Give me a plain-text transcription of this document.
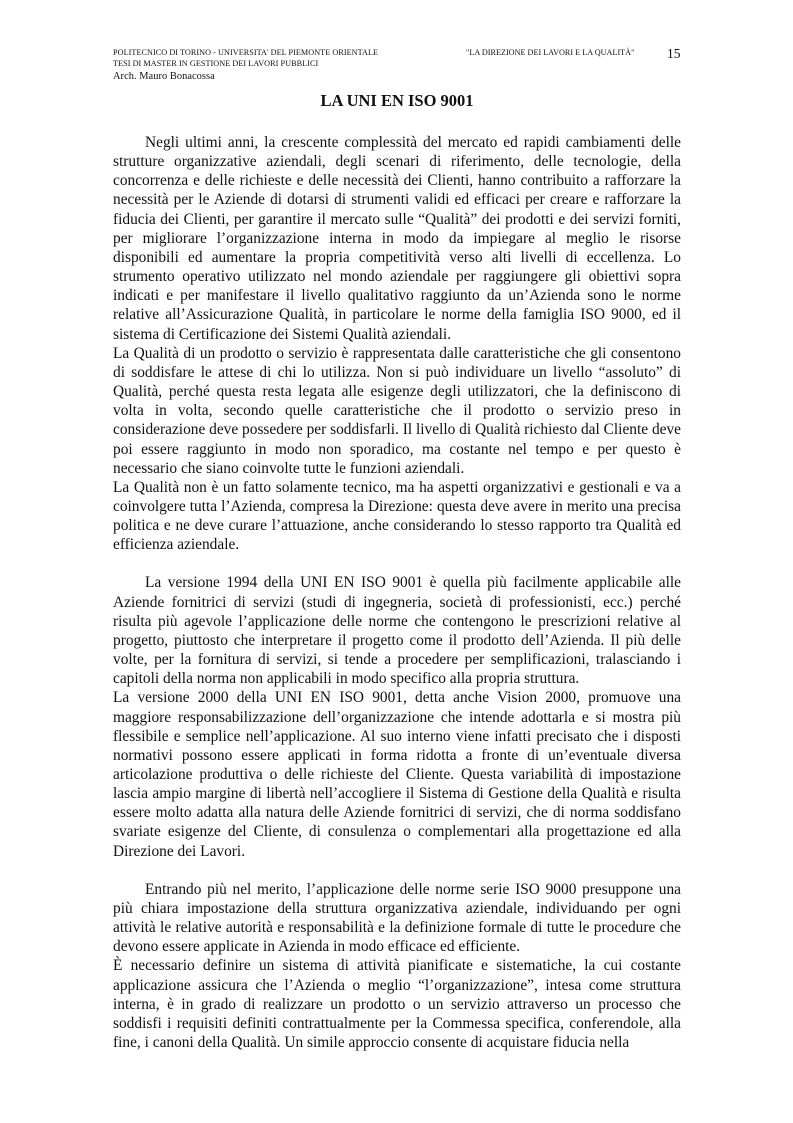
POLITECNICO DI TORINO - UNIVERSITA' DEL PIEMONTE ORIENTALE
TESI DI MASTER IN GESTIONE DEI LAVORI PUBBLICI
Arch. Mauro Bonacossa
"LA DIREZIONE DEI LAVORI E LA QUALITÀ" 15
LA UNI EN ISO 9001

Negli ultimi anni, la crescente complessità del mercato ed rapidi cambiamenti delle strutture organizzative aziendali, degli scenari di riferimento, delle tecnologie, della concorrenza e delle richieste e delle necessità dei Clienti, hanno contribuito a rafforzare la necessità per le Aziende di dotarsi di strumenti validi ed efficaci per creare e rafforzare la fiducia dei Clienti, per garantire il mercato sulle “Qualità” dei prodotti e dei servizi forniti, per migliorare l’organizzazione interna in modo da impiegare al meglio le risorse disponibili ed aumentare la propria competitività verso alti livelli di eccellenza. Lo strumento operativo utilizzato nel mondo aziendale per raggiungere gli obiettivi sopra indicati e per manifestare il livello qualitativo raggiunto da un’Azienda sono le norme relative all’Assicurazione Qualità, in particolare le norme della famiglia ISO 9000, ed il sistema di Certificazione dei Sistemi Qualità aziendali.

La Qualità di un prodotto o servizio è rappresentata dalle caratteristiche che gli consentono di soddisfare le attese di chi lo utilizza. Non si può individuare un livello “assoluto” di Qualità, perché questa resta legata alle esigenze degli utilizzatori, che la definiscono di volta in volta, secondo quelle caratteristiche che il prodotto o servizio preso in considerazione deve possedere per soddisfarli. Il livello di Qualità richiesto dal Cliente deve poi essere raggiunto in modo non sporadico, ma costante nel tempo e per questo è necessario che siano coinvolte tutte le funzioni aziendali.

La Qualità non è un fatto solamente tecnico, ma ha aspetti organizzativi e gestionali e va a coinvolgere tutta l’Azienda, compresa la Direzione: questa deve avere in merito una precisa politica e ne deve curare l’attuazione, anche considerando lo stesso rapporto tra Qualità ed efficienza aziendale.

La versione 1994 della UNI EN ISO 9001 è quella più facilmente applicabile alle Aziende fornitrici di servizi (studi di ingegneria, società di professionisti, ecc.) perché risulta più agevole l’applicazione delle norme che contengono le prescrizioni relative al progetto, piuttosto che interpretare il progetto come il prodotto dell’Azienda. Il più delle volte, per la fornitura di servizi, si tende a procedere per semplificazioni, tralasciando i capitoli della norma non applicabili in modo specifico alla propria struttura.

La versione 2000 della UNI EN ISO 9001, detta anche Vision 2000, promuove una maggiore responsabilizzazione dell’organizzazione che intende adottarla e si mostra più flessibile e semplice nell’applicazione. Al suo interno viene infatti precisato che i disposti normativi possono essere applicati in forma ridotta a fronte di un’eventuale diversa articolazione produttiva o delle richieste del Cliente. Questa variabilità di impostazione lascia ampio margine di libertà nell’accogliere il Sistema di Gestione della Qualità e risulta essere molto adatta alla natura delle Aziende fornitrici di servizi, che di norma soddisfano svariate esigenze del Cliente, di consulenza o complementari alla progettazione ed alla Direzione dei Lavori.

Entrando più nel merito, l’applicazione delle norme serie ISO 9000 presuppone una più chiara impostazione della struttura organizzativa aziendale, individuando per ogni attività le relative autorità e responsabilità e la definizione formale di tutte le procedure che devono essere applicate in Azienda in modo efficace ed efficiente.

È necessario definire un sistema di attività pianificate e sistematiche, la cui costante applicazione assicura che l’Azienda o meglio “l’organizzazione”, intesa come struttura interna, è in grado di realizzare un prodotto o un servizio attraverso un processo che soddisfi i requisiti definiti contrattualmente per la Commessa specifica, conferendole, alla fine, i canoni della Qualità. Un simile approccio consente di acquistare fiducia nella
